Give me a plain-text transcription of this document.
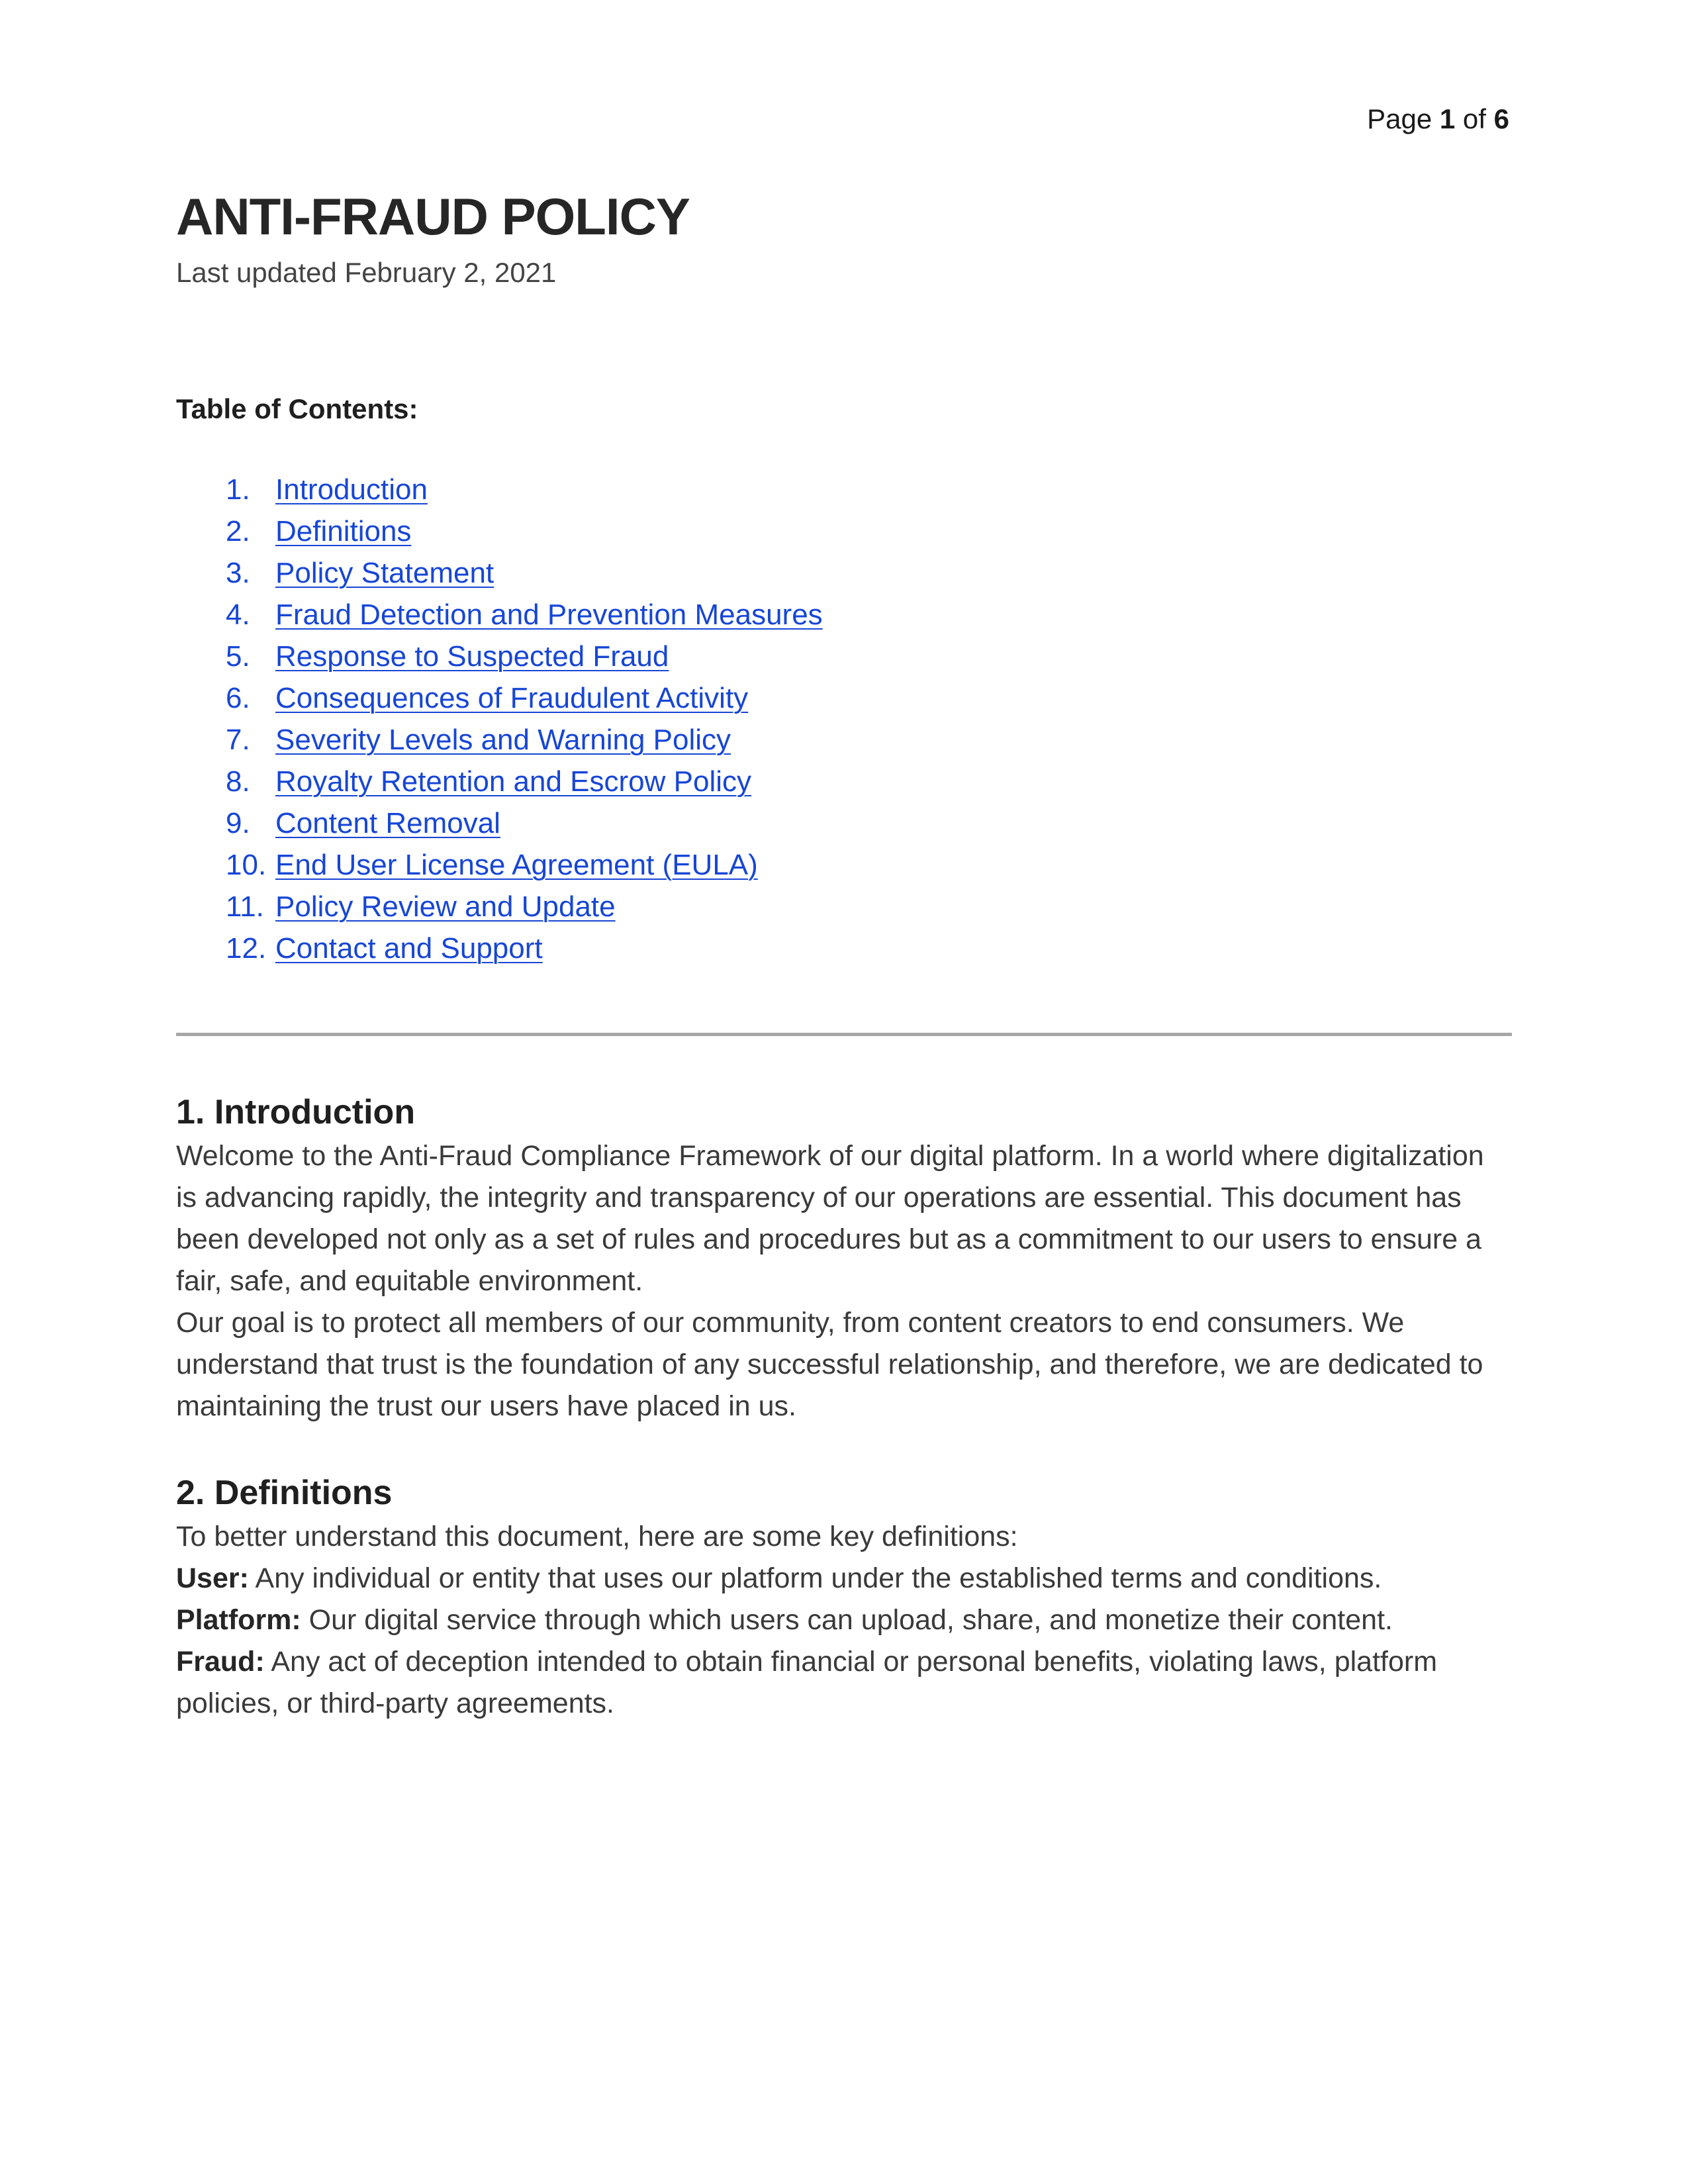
Page 1 of 6
ANTI-FRAUD POLICY
Last updated February 2, 2021
Table of Contents:
1. Introduction
2. Definitions
3. Policy Statement
4. Fraud Detection and Prevention Measures
5. Response to Suspected Fraud
6. Consequences of Fraudulent Activity
7. Severity Levels and Warning Policy
8. Royalty Retention and Escrow Policy
9. Content Removal
10. End User License Agreement (EULA)
11. Policy Review and Update
12. Contact and Support
1. Introduction

Welcome to the Anti-Fraud Compliance Framework of our digital platform. In a world where digitalization is advancing rapidly, the integrity and transparency of our operations are essential. This document has been developed not only as a set of rules and procedures but as a commitment to our users to ensure a fair, safe, and equitable environment.

Our goal is to protect all members of our community, from content creators to end consumers. We understand that trust is the foundation of any successful relationship, and therefore, we are dedicated to maintaining the trust our users have placed in us.

2. Definitions

To better understand this document, here are some key definitions:

User: Any individual or entity that uses our platform under the established terms and conditions.

Platform: Our digital service through which users can upload, share, and monetize their content.

Fraud: Any act of deception intended to obtain financial or personal benefits, violating laws, platform policies, or third-party agreements.
